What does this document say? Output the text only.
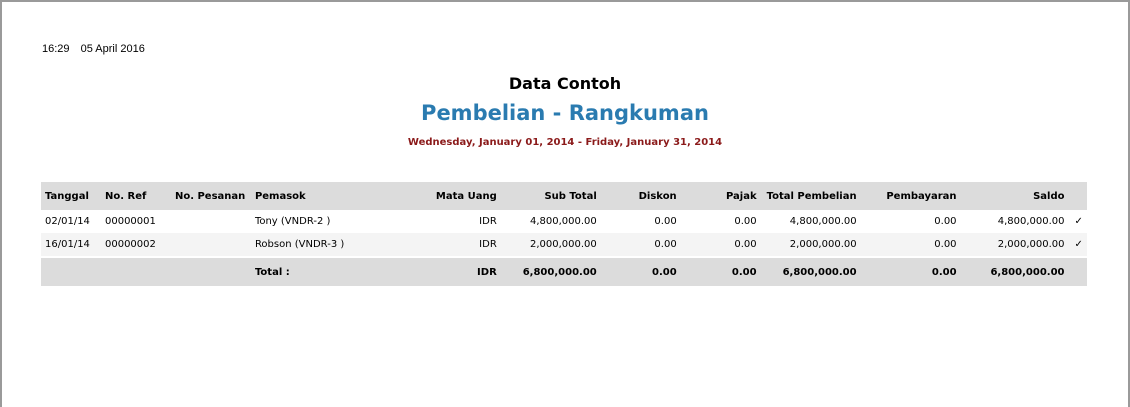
16:29 05 April 2016
Data Contoh
Pembelian - Rangkuman
Wednesday, January 01, 2014 - Friday, January 31, 2014
Tanggal	No. Ref	No. Pesanan	Pemasok	Mata Uang	Sub Total	Diskon	Pajak	Total Pembelian	Pembayaran	Saldo	
02/01/14	00000001		Tony (VNDR-2 )	IDR	4,800,000.00	0.00	0.00	4,800,000.00	0.00	4,800,000.00	✓
16/01/14	00000002		Robson (VNDR-3 )	IDR	2,000,000.00	0.00	0.00	2,000,000.00	0.00	2,000,000.00	✓

			Total :	IDR	6,800,000.00	0.00	0.00	6,800,000.00	0.00	6,800,000.00	
